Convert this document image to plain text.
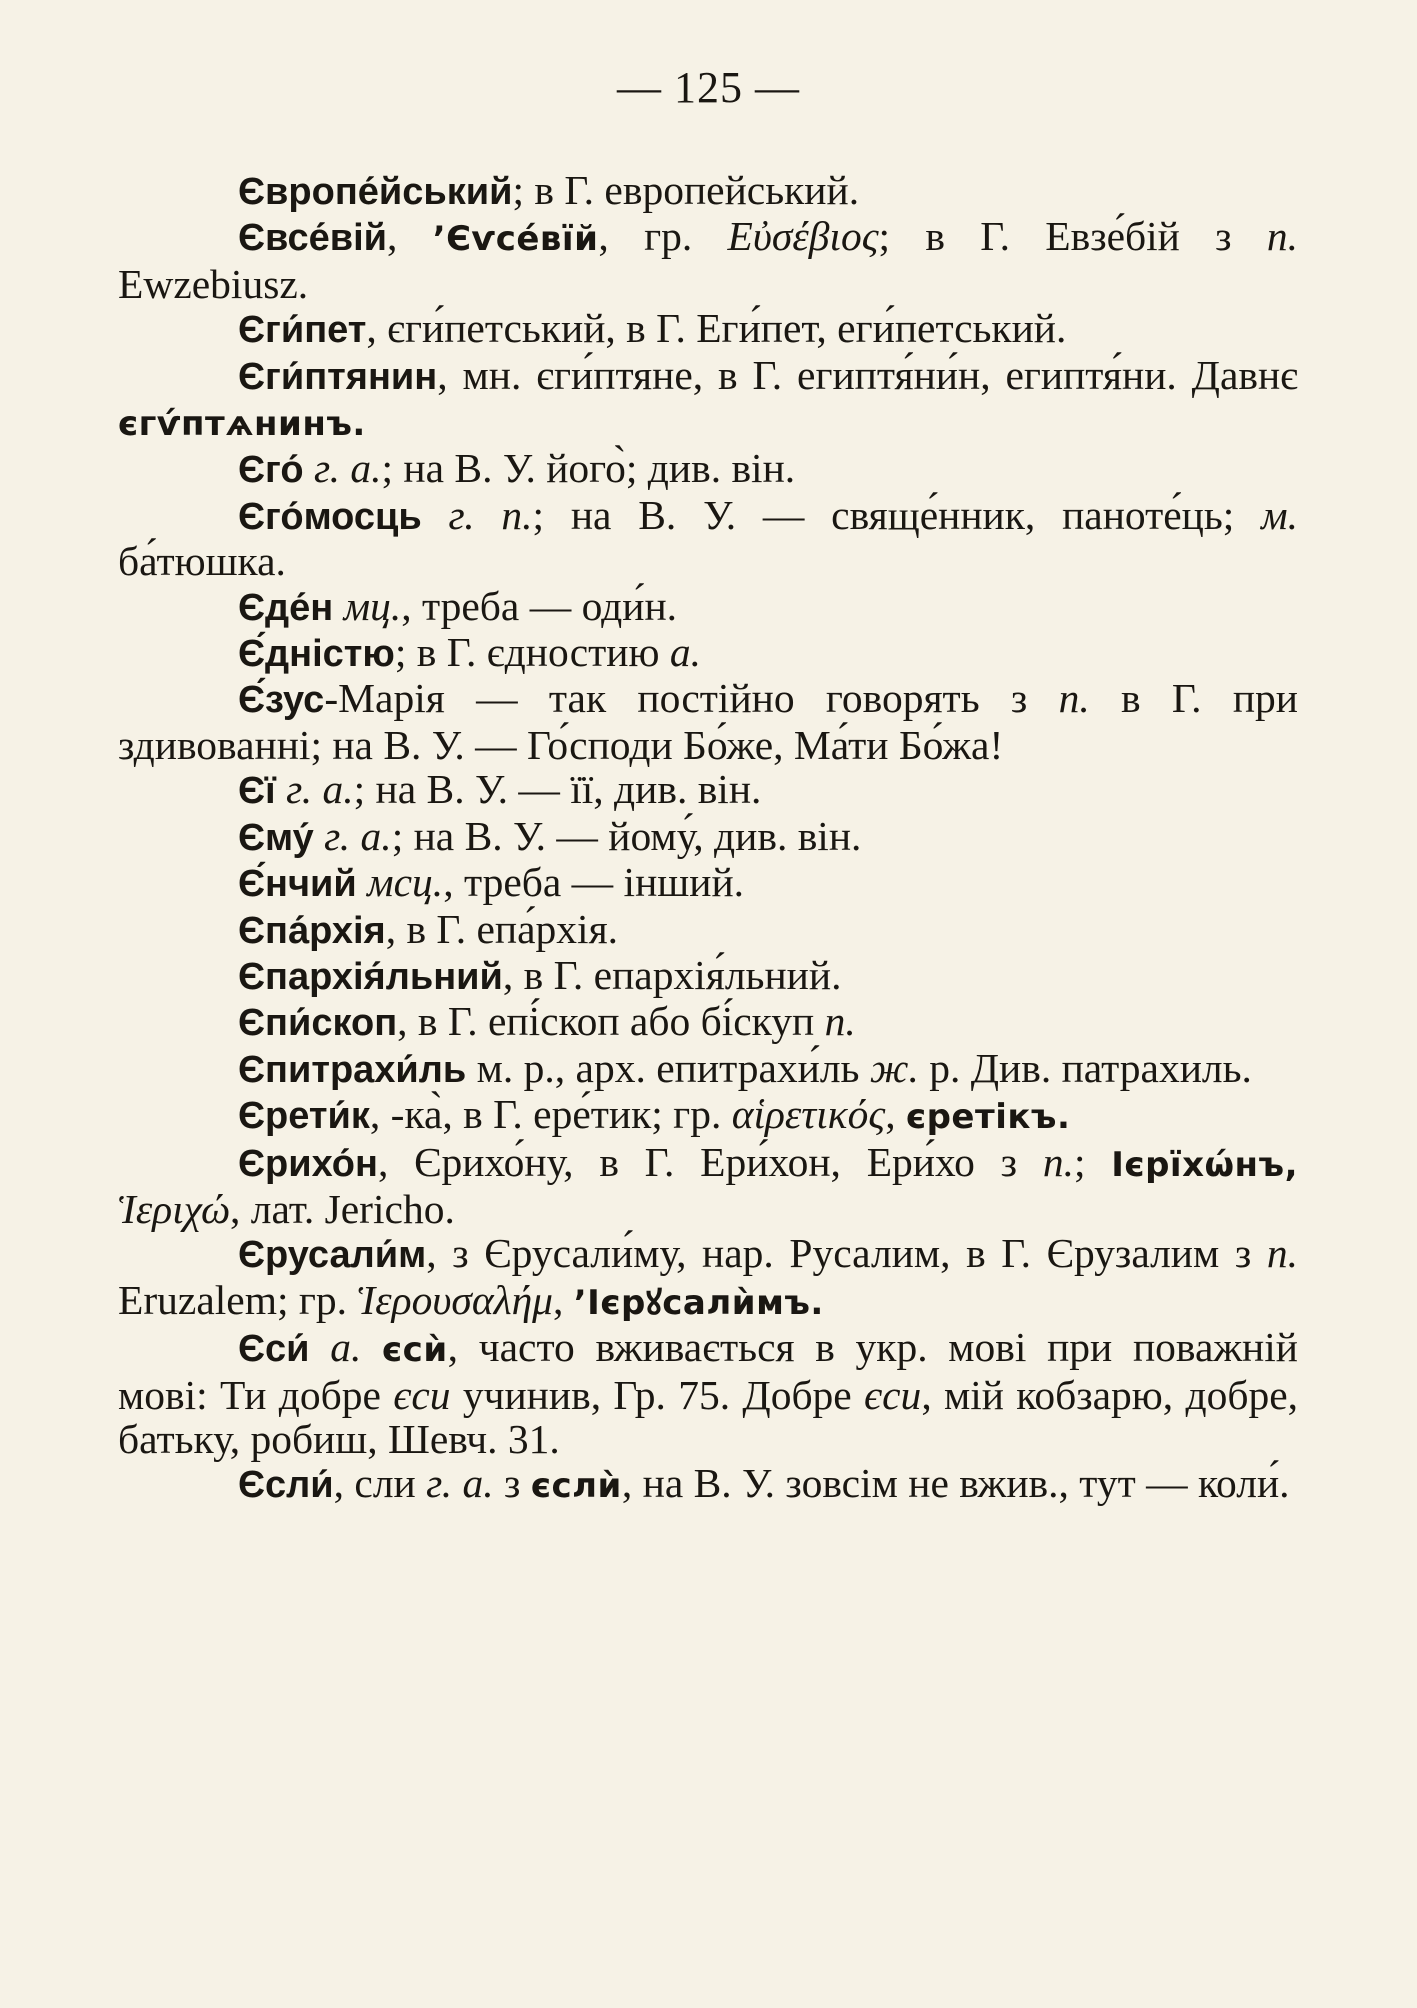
— 125 —

Європе́йський; в Г. европейський.

Євсе́вій, ’Єѵсе́вїй, гр. Εὐσέβιος; в Г. Евзе́бій з п. Ewzebiusz.

Єги́пет, єги́петський, в Г. Еги́пет, еги́петський.

Єги́птянин, мн. єги́птяне, в Г. египтя́ни́н, египтя́ни. Давнє єгѵ́птѧнинъ.

Єго́ г. а.; на В. У. його̀; див. він.

Єго́мосць г. п.; на В. У. — свяще́нник, паноте́ць; м. ба́тюшка.

Єде́н мц., треба — оди́н.

Є́дністю; в Г. єдностию а.

Є́зус-Марія — так постійно говорять з п. в Г. при здивованні; на В. У. — Го́споди Бо́же, Ма́ти Бо́жа!

Єї г. а.; на В. У. — її, див. він.

Єму́ г. а.; на В. У. — йому́, див. він.

Є́нчий мсц., треба — інший.

Єпа́рхія, в Г. епа́рхія.

Єпархія́льний, в Г. епархія́льний.

Єпи́скоп, в Г. епі́скоп або бі́скуп п.

Єпитрахи́ль м. р., арх. епитрахи́ль ж. р. Див. патрахиль.

Єрети́к, -ка̀, в Г. ере́тик; гр. αἱρετικός, єретікъ.

Єрихо́н, Єрихо́ну, в Г. Ери́хон, Ери́хо з п.; Ієрїхѡ́нъ, Ἱεριχώ, лат. Jericho.

Єрусали́м, з Єрусали́му, нар. Русалим, в Г. Єрузалим з п. Eruzalem; гр. Ἱερουσαλήμ, ’Ієрꙋсалѝмъ.

Єси́ а. єсѝ, часто вживається в укр. мові при поважній мові: Ти добре єси учинив, Гр. 75. Добре єси, мій кобзарю, добре, батьку, робиш, Шевч. 31.

Єсли́, сли г. а. з єслѝ, на В. У. зовсім не вжив., тут — коли́.
